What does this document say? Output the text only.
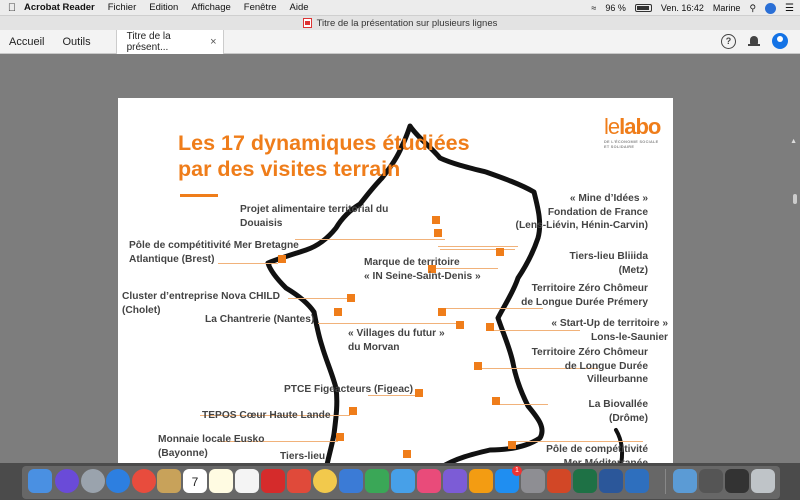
Acrobat Reader Fichier Edition Affichage Fenêtre Aide	≈ 96 %	Ven. 16:42 Marine ⚲	☰
Titre de la présentation sur plusieurs lignes
Accueil	Outils	Titre de la présent...	×	?
▲
Les 17 dynamiques étudiées par des visites terrain
lelabo
DE L'ÉCONOMIE SOCIALE ET SOLIDAIRE
Projet alimentaire territorial du
Douaisis
« Mine d’Idées »
Fondation de France
(Lens-Liévin, Hénin-Carvin)
Pôle de compétitivité Mer Bretagne
Atlantique (Brest)	Marque de territoire
« IN Seine-Saint-Denis »
Tiers-lieu Bliiida
(Metz)
Cluster d’entreprise Nova CHILD
(Cholet)
Territoire Zéro Chômeur
de Longue Durée Prémery
La Chantrerie (Nantes)	« Start-Up de territoire »
Lons-le-Saunier
« Villages du futur »
du Morvan	Territoire Zéro Chômeur
de Longue Durée
Villeurbanne
PTCE Figeacteurs (Figeac)
La Biovallée
(Drôme)
TEPOS Cœur Haute Lande
Monnaie locale Eusko
(Bayonne)	Tiers-lieu
Pôle de compétitivité
7
1
